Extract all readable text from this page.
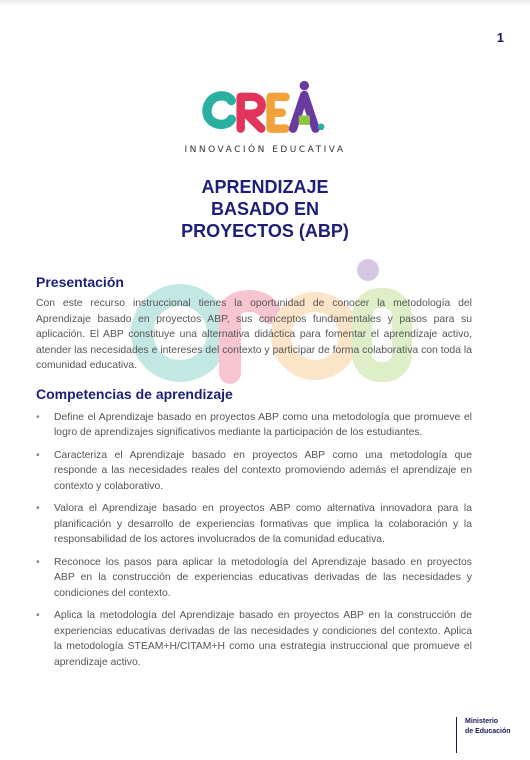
1
INNOVACIÓN EDUCATIVA
APRENDIZAJE
BASADO EN
PROYECTOS (ABP)
Presentación

Con este recurso instruccional tienes la oportunidad de conocer la metodología del Aprendizaje basado en proyectos ABP, sus conceptos fundamentales y pasos para su aplicación. El ABP constituye una alternativa didáctica para fomentar el aprendizaje activo, atender las necesidades e intereses del contexto y participar de forma colaborativa con toda la comunidad educativa.

Competencias de aprendizaje
• Define el Aprendizaje basado en proyectos ABP como una metodología que promueve el logro de aprendizajes significativos mediante la participación de los estudiantes.
• Caracteriza el Aprendizaje basado en proyectos ABP como una metodología que responde a las necesidades reales del contexto promoviendo además el aprendizaje en contexto y colaborativo.
• Valora el Aprendizaje basado en proyectos ABP como alternativa innovadora para la planificación y desarrollo de experiencias formativas que implica la colaboración y la responsabilidad de los actores involucrados de la comunidad educativa.
• Reconoce los pasos para aplicar la metodología del Aprendizaje basado en proyectos ABP en la construcción de experiencias educativas derivadas de las necesidades y condiciones del contexto.
• Aplica la metodología del Aprendizaje basado en proyectos ABP en la construcción de experiencias educativas derivadas de las necesidades y condiciones del contexto. Aplica la metodología STEAM+H/CITAM+H como una estrategia instruccional que promueve el aprendizaje activo.
Ministerio
de Educación
